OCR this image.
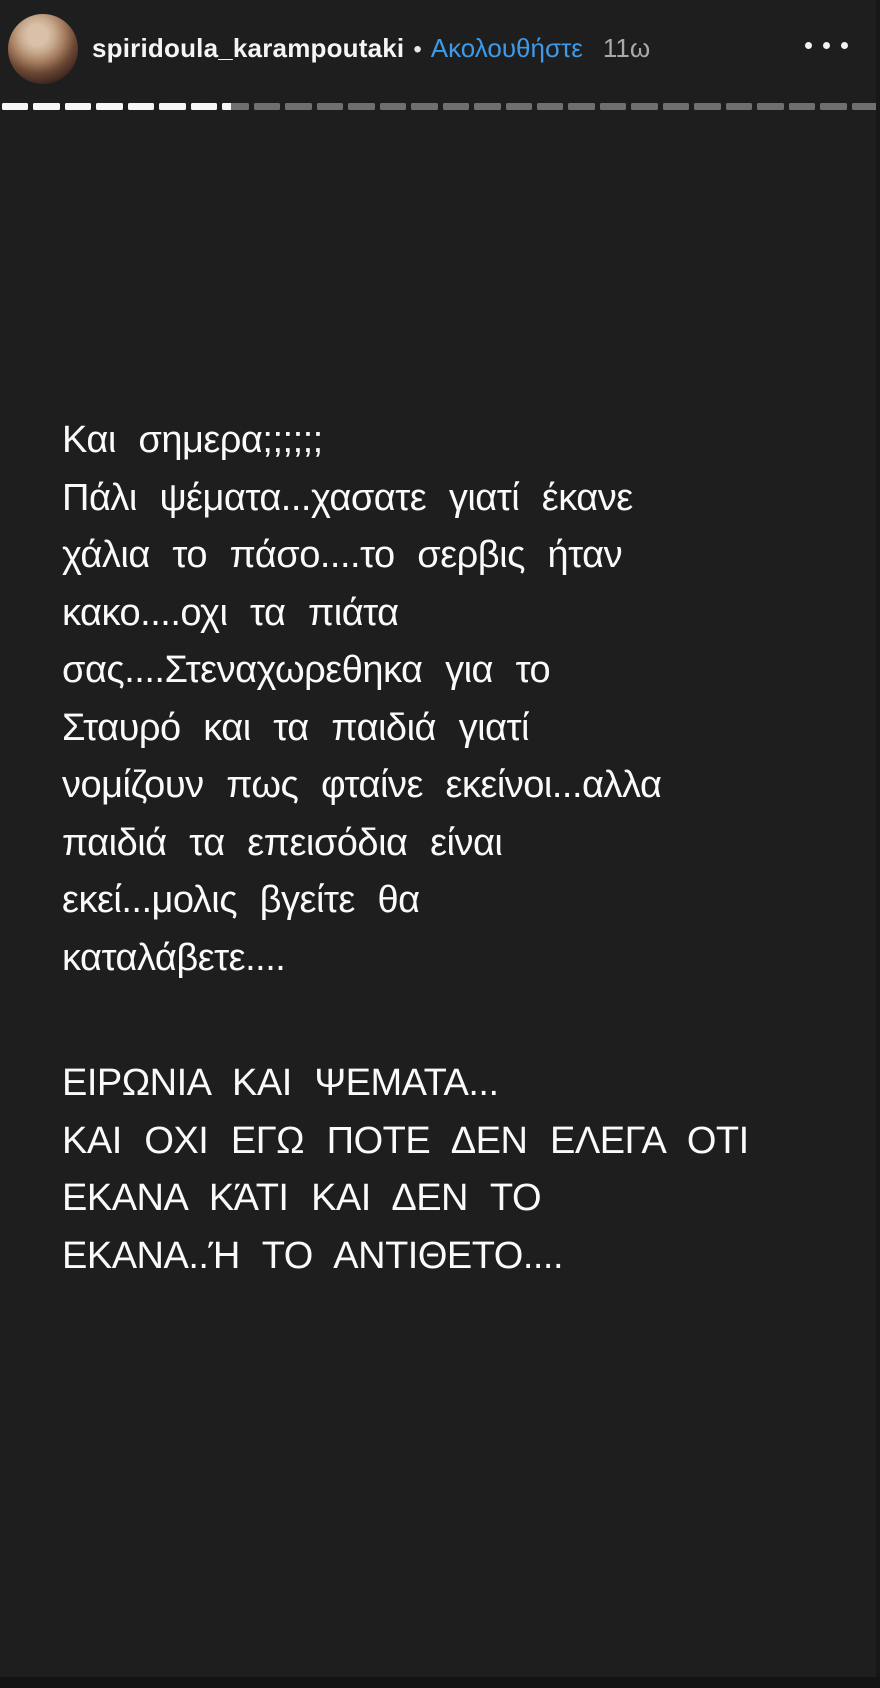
spiridoula_karampoutaki • Ακολουθήστε 11ω
Και σημερα;;;;;;
Πάλι ψέματα...χασατε γιατί έκανε
χάλια το πάσο....το σερβις ήταν
κακο....οχι τα πιάτα
σας....Στεναχωρεθηκα για το
Σταυρό και τα παιδιά γιατί
νομίζουν πως φταίνε εκείνοι...αλλα
παιδιά τα επεισόδια είναι
εκεί...μολις βγείτε θα
καταλάβετε....
ΕΙΡΩΝΙΑ ΚΑΙ ΨΕΜΑΤΑ...
ΚΑΙ ΟΧΙ ΕΓΩ ΠΟΤΕ ΔΕΝ ΕΛΕΓΑ ΟΤΙ
ΕΚΑΝΑ ΚΆΤΙ ΚΑΙ ΔΕΝ ΤΟ
ΕΚΑΝΑ..Ή ΤΟ ΑΝΤΙΘΕΤΟ....
